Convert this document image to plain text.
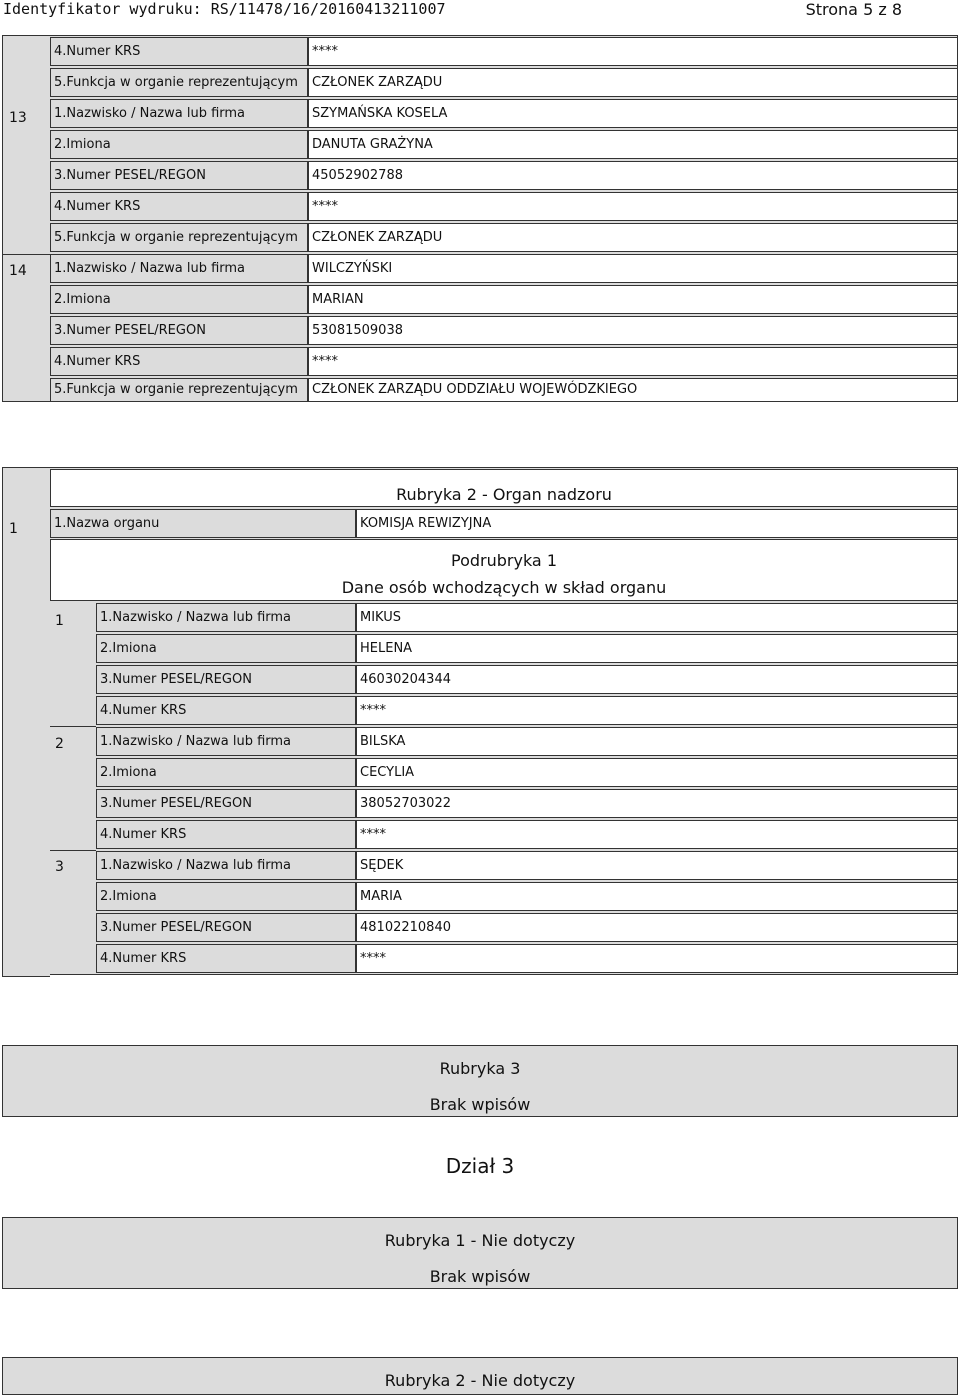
Identyfikator wydruku: RS/11478/16/20160413211007	Strona 5 z 8
4.Numer KRS	****
5.Funkcja w organie reprezentującym	CZŁONEK ZARZĄDU
13	1.Nazwisko / Nazwa lub firma	SZYMAŃSKA KOSELA
2.Imiona	DANUTA GRAŻYNA
3.Numer PESEL/REGON	45052902788
4.Numer KRS	****
5.Funkcja w organie reprezentującym	CZŁONEK ZARZĄDU
14	1.Nazwisko / Nazwa lub firma	WILCZYŃSKI
2.Imiona	MARIAN
3.Numer PESEL/REGON	53081509038
4.Numer KRS	****
5.Funkcja w organie reprezentującym	CZŁONEK ZARZĄDU ODDZIAŁU WOJEWÓDZKIEGO
Rubryka 2 - Organ nadzoru
1	1.Nazwa organu	KOMISJA REWIZYJNA
Podrubryka 1
Dane osób wchodzących w skład organu
1	1.Nazwisko / Nazwa lub firma	MIKUS
2.Imiona	HELENA
3.Numer PESEL/REGON	46030204344
4.Numer KRS	****
2	1.Nazwisko / Nazwa lub firma	BILSKA
2.Imiona	CECYLIA
3.Numer PESEL/REGON	38052703022
4.Numer KRS	****
3	1.Nazwisko / Nazwa lub firma	SĘDEK
2.Imiona	MARIA
3.Numer PESEL/REGON	48102210840
4.Numer KRS	****
Rubryka 3
Brak wpisów
Dział 3
Rubryka 1 - Nie dotyczy
Brak wpisów
Rubryka 2 - Nie dotyczy
